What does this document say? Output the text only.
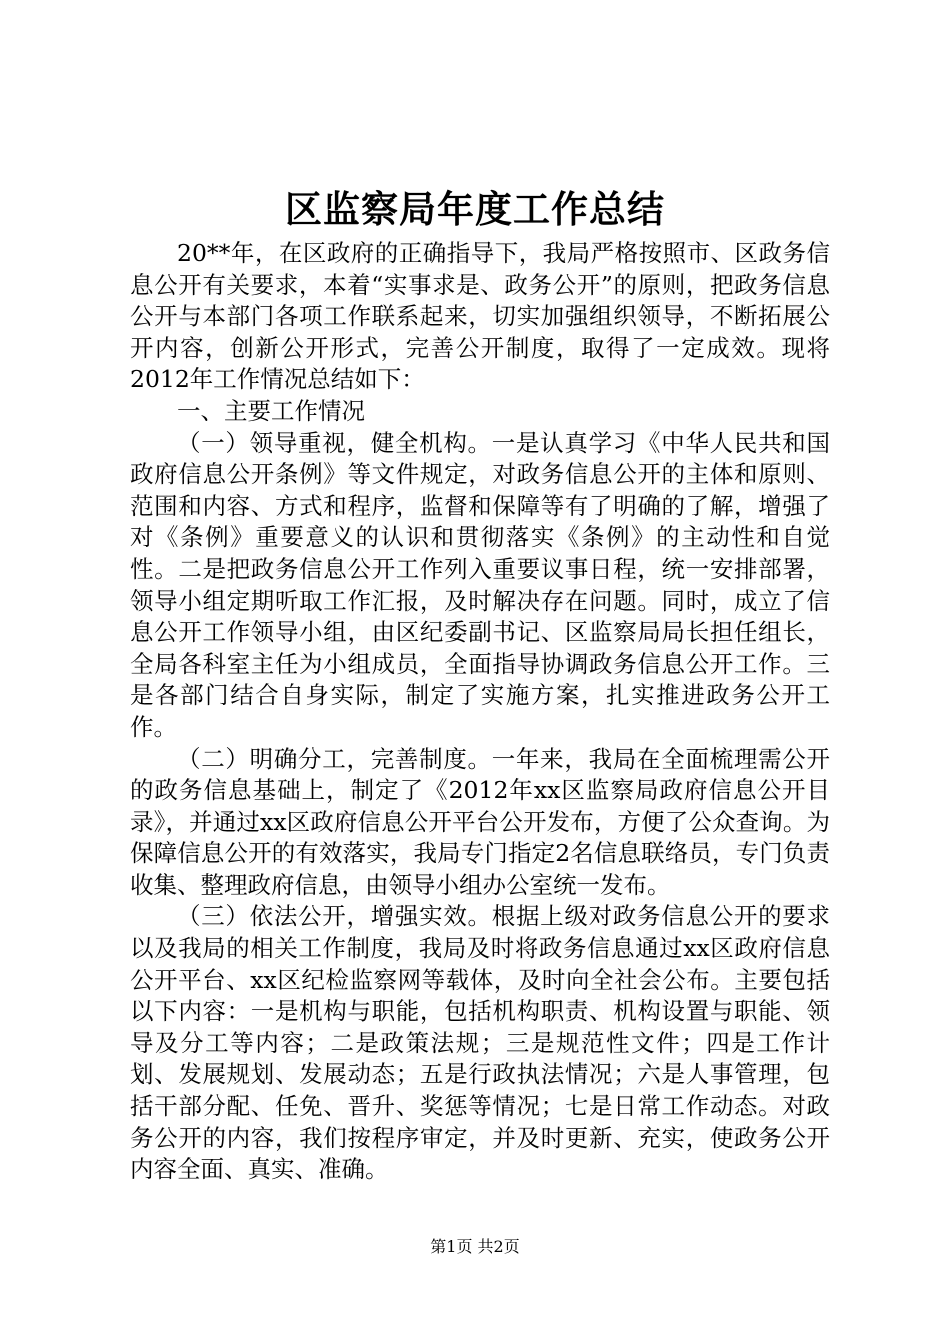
区监察局年度工作总结

20**年，在区政府的正确指导下，我局严格按照市、区政务信息公开有关要求，本着“实事求是、政务公开”的原则，把政务信息公开与本部门各项工作联系起来，切实加强组织领导，不断拓展公开内容，创新公开形式，完善公开制度，取得了一定成效。现将2012年工作情况总结如下：

一、主要工作情况

（一）领导重视，健全机构。一是认真学习《中华人民共和国政府信息公开条例》等文件规定，对政务信息公开的主体和原则、范围和内容、方式和程序，监督和保障等有了明确的了解，增强了对《条例》重要意义的认识和贯彻落实《条例》的主动性和自觉性。二是把政务信息公开工作列入重要议事日程，统一安排部署，领导小组定期听取工作汇报，及时解决存在问题。同时，成立了信息公开工作领导小组，由区纪委副书记、区监察局局长担任组长，全局各科室主任为小组成员，全面指导协调政务信息公开工作。三是各部门结合自身实际，制定了实施方案，扎实推进政务公开工作。

（二）明确分工，完善制度。一年来，我局在全面梳理需公开的政务信息基础上，制定了《2012年xx区监察局政府信息公开目录》，并通过xx区政府信息公开平台公开发布，方便了公众查询。为保障信息公开的有效落实，我局专门指定2名信息联络员，专门负责收集、整理政府信息，由领导小组办公室统一发布。

（三）依法公开，增强实效。根据上级对政务信息公开的要求以及我局的相关工作制度，我局及时将政务信息通过xx区政府信息公开平台、xx区纪检监察网等载体，及时向全社会公布。主要包括以下内容：一是机构与职能，包括机构职责、机构设置与职能、领导及分工等内容；二是政策法规；三是规范性文件；四是工作计划、发展规划、发展动态；五是行政执法情况；六是人事管理，包括干部分配、任免、晋升、奖惩等情况；七是日常工作动态。对政务公开的内容，我们按程序审定，并及时更新、充实，使政务公开内容全面、真实、准确。

第1页 共2页
